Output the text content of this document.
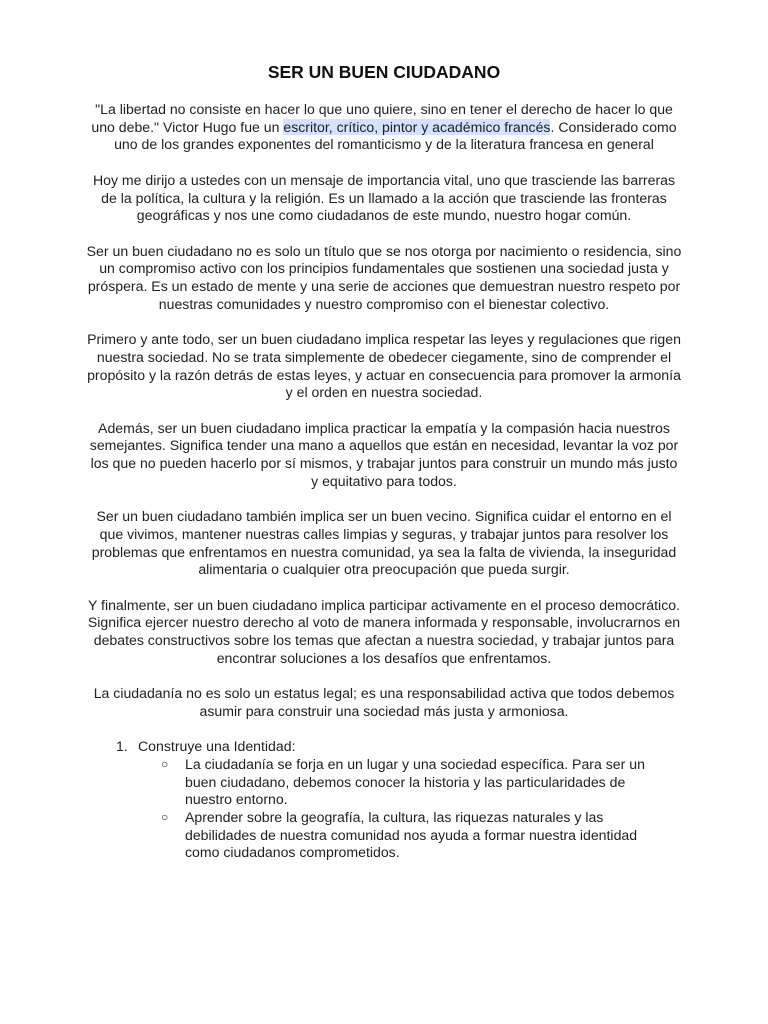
SER UN BUEN CIUDADANO

"La libertad no consiste en hacer lo que uno quiere, sino en tener el derecho de hacer lo que uno debe." Victor Hugo fue un escritor, crítico, pintor y académico francés. Considerado como uno de los grandes exponentes del romanticismo y de la literatura francesa en general

Hoy me dirijo a ustedes con un mensaje de importancia vital, uno que trasciende las barreras de la política, la cultura y la religión. Es un llamado a la acción que trasciende las fronteras geográficas y nos une como ciudadanos de este mundo, nuestro hogar común.

Ser un buen ciudadano no es solo un título que se nos otorga por nacimiento o residencia, sino un compromiso activo con los principios fundamentales que sostienen una sociedad justa y próspera. Es un estado de mente y una serie de acciones que demuestran nuestro respeto por nuestras comunidades y nuestro compromiso con el bienestar colectivo.

Primero y ante todo, ser un buen ciudadano implica respetar las leyes y regulaciones que rigen nuestra sociedad. No se trata simplemente de obedecer ciegamente, sino de comprender el propósito y la razón detrás de estas leyes, y actuar en consecuencia para promover la armonía y el orden en nuestra sociedad.

Además, ser un buen ciudadano implica practicar la empatía y la compasión hacia nuestros semejantes. Significa tender una mano a aquellos que están en necesidad, levantar la voz por los que no pueden hacerlo por sí mismos, y trabajar juntos para construir un mundo más justo y equitativo para todos.

Ser un buen ciudadano también implica ser un buen vecino. Significa cuidar el entorno en el que vivimos, mantener nuestras calles limpias y seguras, y trabajar juntos para resolver los problemas que enfrentamos en nuestra comunidad, ya sea la falta de vivienda, la inseguridad alimentaria o cualquier otra preocupación que pueda surgir.

Y finalmente, ser un buen ciudadano implica participar activamente en el proceso democrático. Significa ejercer nuestro derecho al voto de manera informada y responsable, involucrarnos en debates constructivos sobre los temas que afectan a nuestra sociedad, y trabajar juntos para encontrar soluciones a los desafíos que enfrentamos.

La ciudadanía no es solo un estatus legal; es una responsabilidad activa que todos debemos asumir para construir una sociedad más justa y armoniosa.

1. Construye una Identidad:
○ La ciudadanía se forja en un lugar y una sociedad específica. Para ser un buen ciudadano, debemos conocer la historia y las particularidades de nuestro entorno.
○ Aprender sobre la geografía, la cultura, las riquezas naturales y las debilidades de nuestra comunidad nos ayuda a formar nuestra identidad como ciudadanos comprometidos.
